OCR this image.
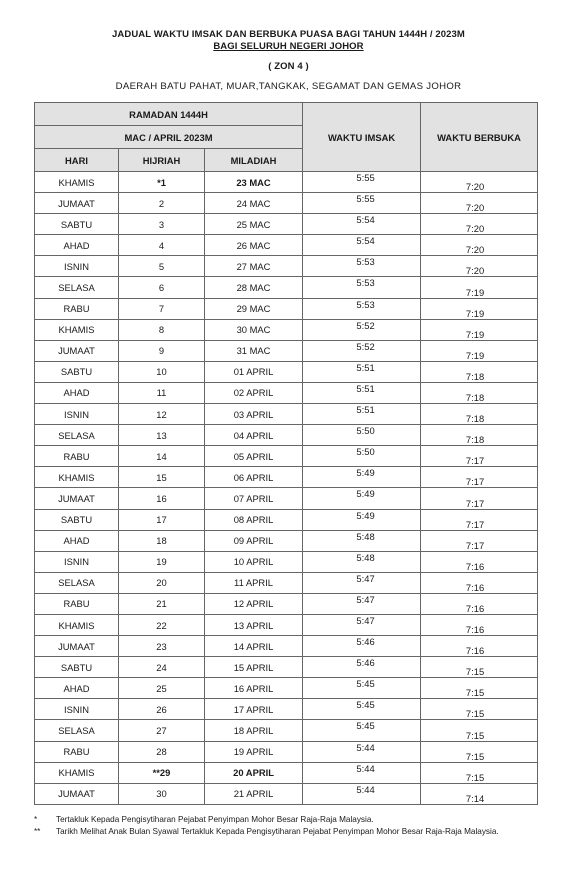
JADUAL WAKTU IMSAK DAN BERBUKA PUASA BAGI TAHUN 1444H / 2023M
BAGI SELURUH NEGERI JOHOR
( ZON 4 )
DAERAH BATU PAHAT, MUAR,TANGKAK, SEGAMAT DAN GEMAS JOHOR
RAMADAN 1444H			WAKTU IMSAK	WAKTU BERBUKA
MAC / APRIL 2023M				
HARI	HIJRIAH	MILADIAH		
KHAMIS	*1	23 MAC	5:55	7:20
JUMAAT	2	24 MAC	5:55	7:20
SABTU	3	25 MAC	5:54	7:20
AHAD	4	26 MAC	5:54	7:20
ISNIN	5	27 MAC	5:53	7:20
SELASA	6	28 MAC	5:53	7:19
RABU	7	29 MAC	5:53	7:19
KHAMIS	8	30 MAC	5:52	7:19
JUMAAT	9	31 MAC	5:52	7:19
SABTU	10	01 APRIL	5:51	7:18
AHAD	11	02 APRIL	5:51	7:18
ISNIN	12	03 APRIL	5:51	7:18
SELASA	13	04 APRIL	5:50	7:18
RABU	14	05 APRIL	5:50	7:17
KHAMIS	15	06 APRIL	5:49	7:17
JUMAAT	16	07 APRIL	5:49	7:17
SABTU	17	08 APRIL	5:49	7:17
AHAD	18	09 APRIL	5:48	7:17
ISNIN	19	10 APRIL	5:48	7:16
SELASA	20	11 APRIL	5:47	7:16
RABU	21	12 APRIL	5:47	7:16
KHAMIS	22	13 APRIL	5:47	7:16
JUMAAT	23	14 APRIL	5:46	7:16
SABTU	24	15 APRIL	5:46	7:15
AHAD	25	16 APRIL	5:45	7:15
ISNIN	26	17 APRIL	5:45	7:15
SELASA	27	18 APRIL	5:45	7:15
RABU	28	19 APRIL	5:44	7:15
KHAMIS	**29	20 APRIL	5:44	7:15
JUMAAT	30	21 APRIL	5:44	7:14
* Tertakluk Kepada Pengisytiharan Pejabat Penyimpan Mohor Besar Raja-Raja Malaysia.
** Tarikh Melihat Anak Bulan Syawal Tertakluk Kepada Pengisytiharan Pejabat Penyimpan Mohor Besar Raja-Raja Malaysia.
